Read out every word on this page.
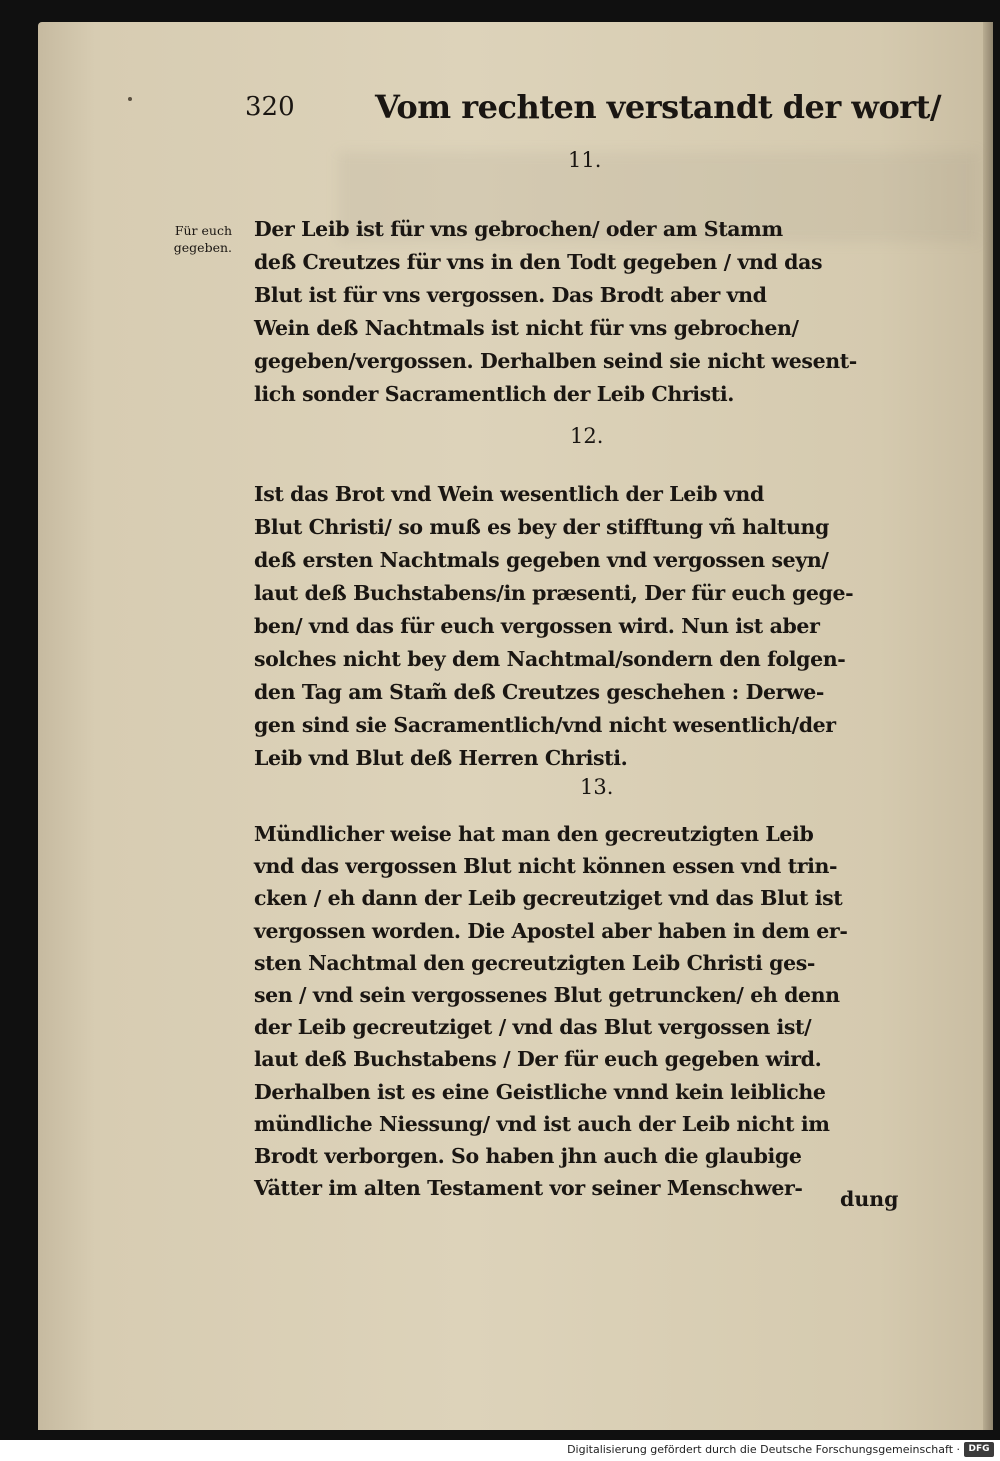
320	Vom rechten verstandt der wort/
Für euch
gegeben.
11.
Der Leib ist für vns gebrochen/ oder am Stamm
deß Creutzes für vns in den Todt gegeben / vnd das
Blut ist für vns vergossen. Das Brodt aber vnd
Wein deß Nachtmals ist nicht für vns gebrochen/
gegeben/vergossen. Derhalben seind sie nicht wesent-
lich sonder Sacramentlich der Leib Christi.
12.
Ist das Brot vnd Wein wesentlich der Leib vnd
Blut Christi/ so muß es bey der stifftung vñ haltung
deß ersten Nachtmals gegeben vnd vergossen seyn/
laut deß Buchstabens/in præsenti, Der für euch gege-
ben/ vnd das für euch vergossen wird. Nun ist aber
solches nicht bey dem Nachtmal/sondern den folgen-
den Tag am Stam̃ deß Creutzes geschehen : Derwe-
gen sind sie Sacramentlich/vnd nicht wesentlich/der
Leib vnd Blut deß Herren Christi.
13.
Mündlicher weise hat man den gecreutzigten Leib
vnd das vergossen Blut nicht können essen vnd trin-
cken / eh dann der Leib gecreutziget vnd das Blut ist
vergossen worden. Die Apostel aber haben in dem er-
sten Nachtmal den gecreutzigten Leib Christi ges-
sen / vnd sein vergossenes Blut getruncken/ eh denn
der Leib gecreutziget / vnd das Blut vergossen ist/
laut deß Buchstabens / Der für euch gegeben wird.
Derhalben ist es eine Geistliche vnnd kein leibliche
mündliche Niessung/ vnd ist auch der Leib nicht im
Brodt verborgen. So haben jhn auch die glaubige
Vätter im alten Testament vor seiner Menschwer-	dung
Digitalisierung gefördert durch die Deutsche Forschungsgemeinschaft · DFG
